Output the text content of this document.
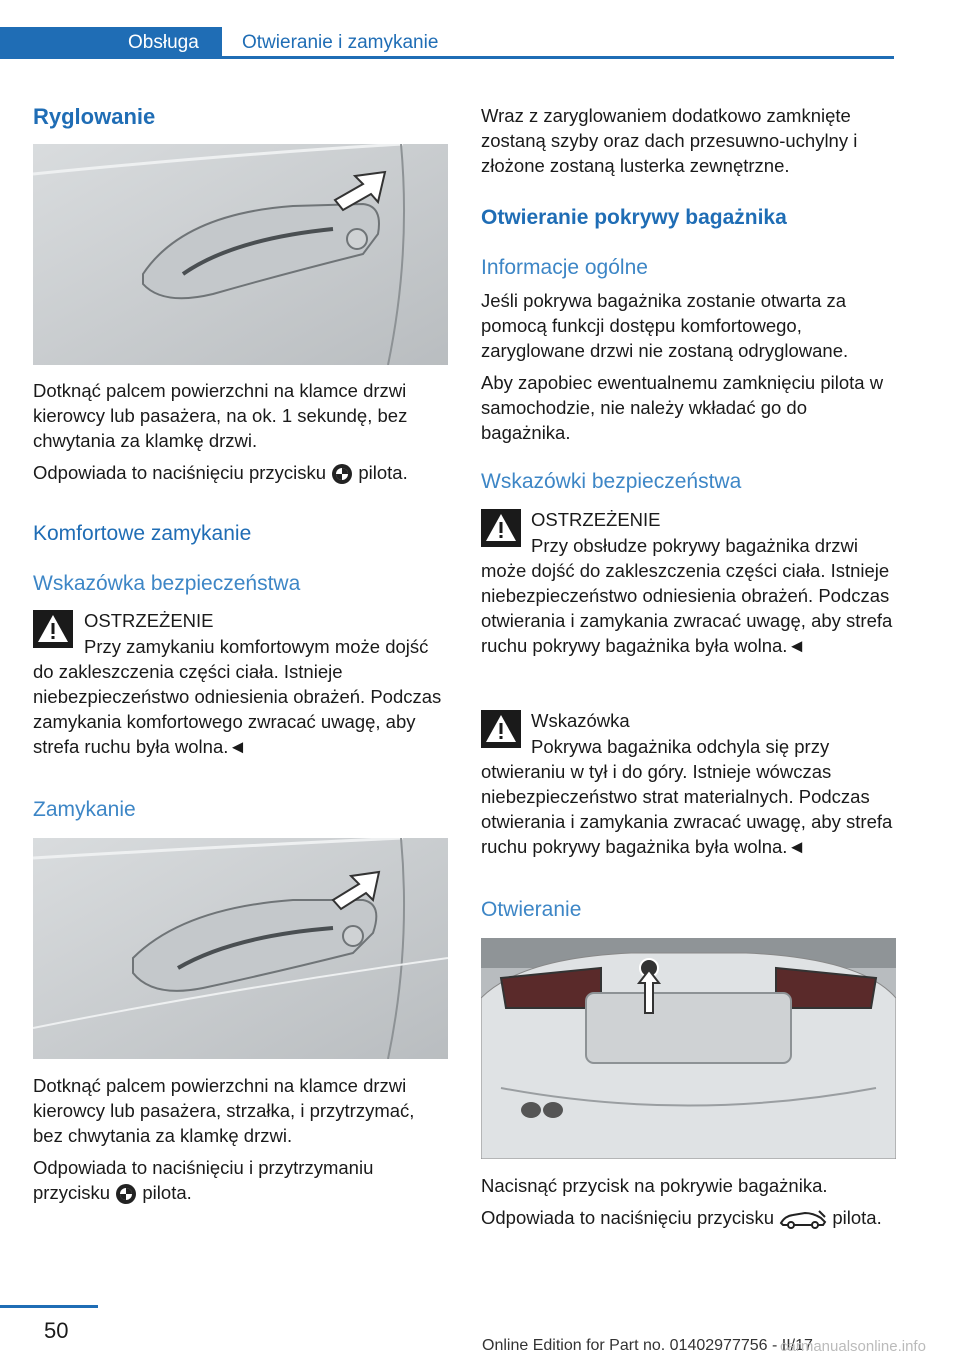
Obsługa Otwieranie i zamykanie
Ryglowanie

Dotknąć palcem powierzchni na klamce drzwi kierowcy lub pasażera, na ok. 1 sekundę, bez chwytania za klamkę drzwi.

Odpowiada to naciśnięciu przycisku pilota.

Komfortowe zamykanie
Wskazówka bezpieczeństwa
OSTRZEŻENIE

Przy zamykaniu komfortowym może dojść do zakleszczenia części ciała. Istnieje niebezpieczeństwo odniesienia obrażeń. Podczas zamykania komfortowego zwracać uwagę, aby strefa ruchu była wolna.◄

Zamykanie

Dotknąć palcem powierzchni na klamce drzwi kierowcy lub pasażera, strzałka, i przytrzymać, bez chwytania za klamkę drzwi.

Odpowiada to naciśnięciu i przytrzymaniu przycisku pilota.

Wraz z zaryglowaniem dodatkowo zamknięte zostaną szyby oraz dach przesuwno-uchylny i złożone zostaną lusterka zewnętrzne.

Otwieranie pokrywy bagażnika
Informacje ogólne

Jeśli pokrywa bagażnika zostanie otwarta za pomocą funkcji dostępu komfortowego, zaryglowane drzwi nie zostaną odryglowane.

Aby zapobiec ewentualnemu zamknięciu pilota w samochodzie, nie należy wkładać go do bagażnika.

Wskazówki bezpieczeństwa
OSTRZEŻENIE

Przy obsłudze pokrywy bagażnika drzwi może dojść do zakleszczenia części ciała. Istnieje niebezpieczeństwo odniesienia obrażeń. Podczas otwierania i zamykania zwracać uwagę, aby strefa ruchu pokrywy bagażnika była wolna.◄

Wskazówka

Pokrywa bagażnika odchyla się przy otwieraniu w tył i do góry. Istnieje wówczas niebezpieczeństwo strat materialnych. Podczas otwierania i zamykania zwracać uwagę, aby strefa ruchu pokrywy bagażnika była wolna.◄

Otwieranie

Nacisnąć przycisk na pokrywie bagażnika.

Odpowiada to naciśnięciu przycisku	pilota.

50
Online Edition for Part no. 01402977756 - II/17
carmanualsonline.info
